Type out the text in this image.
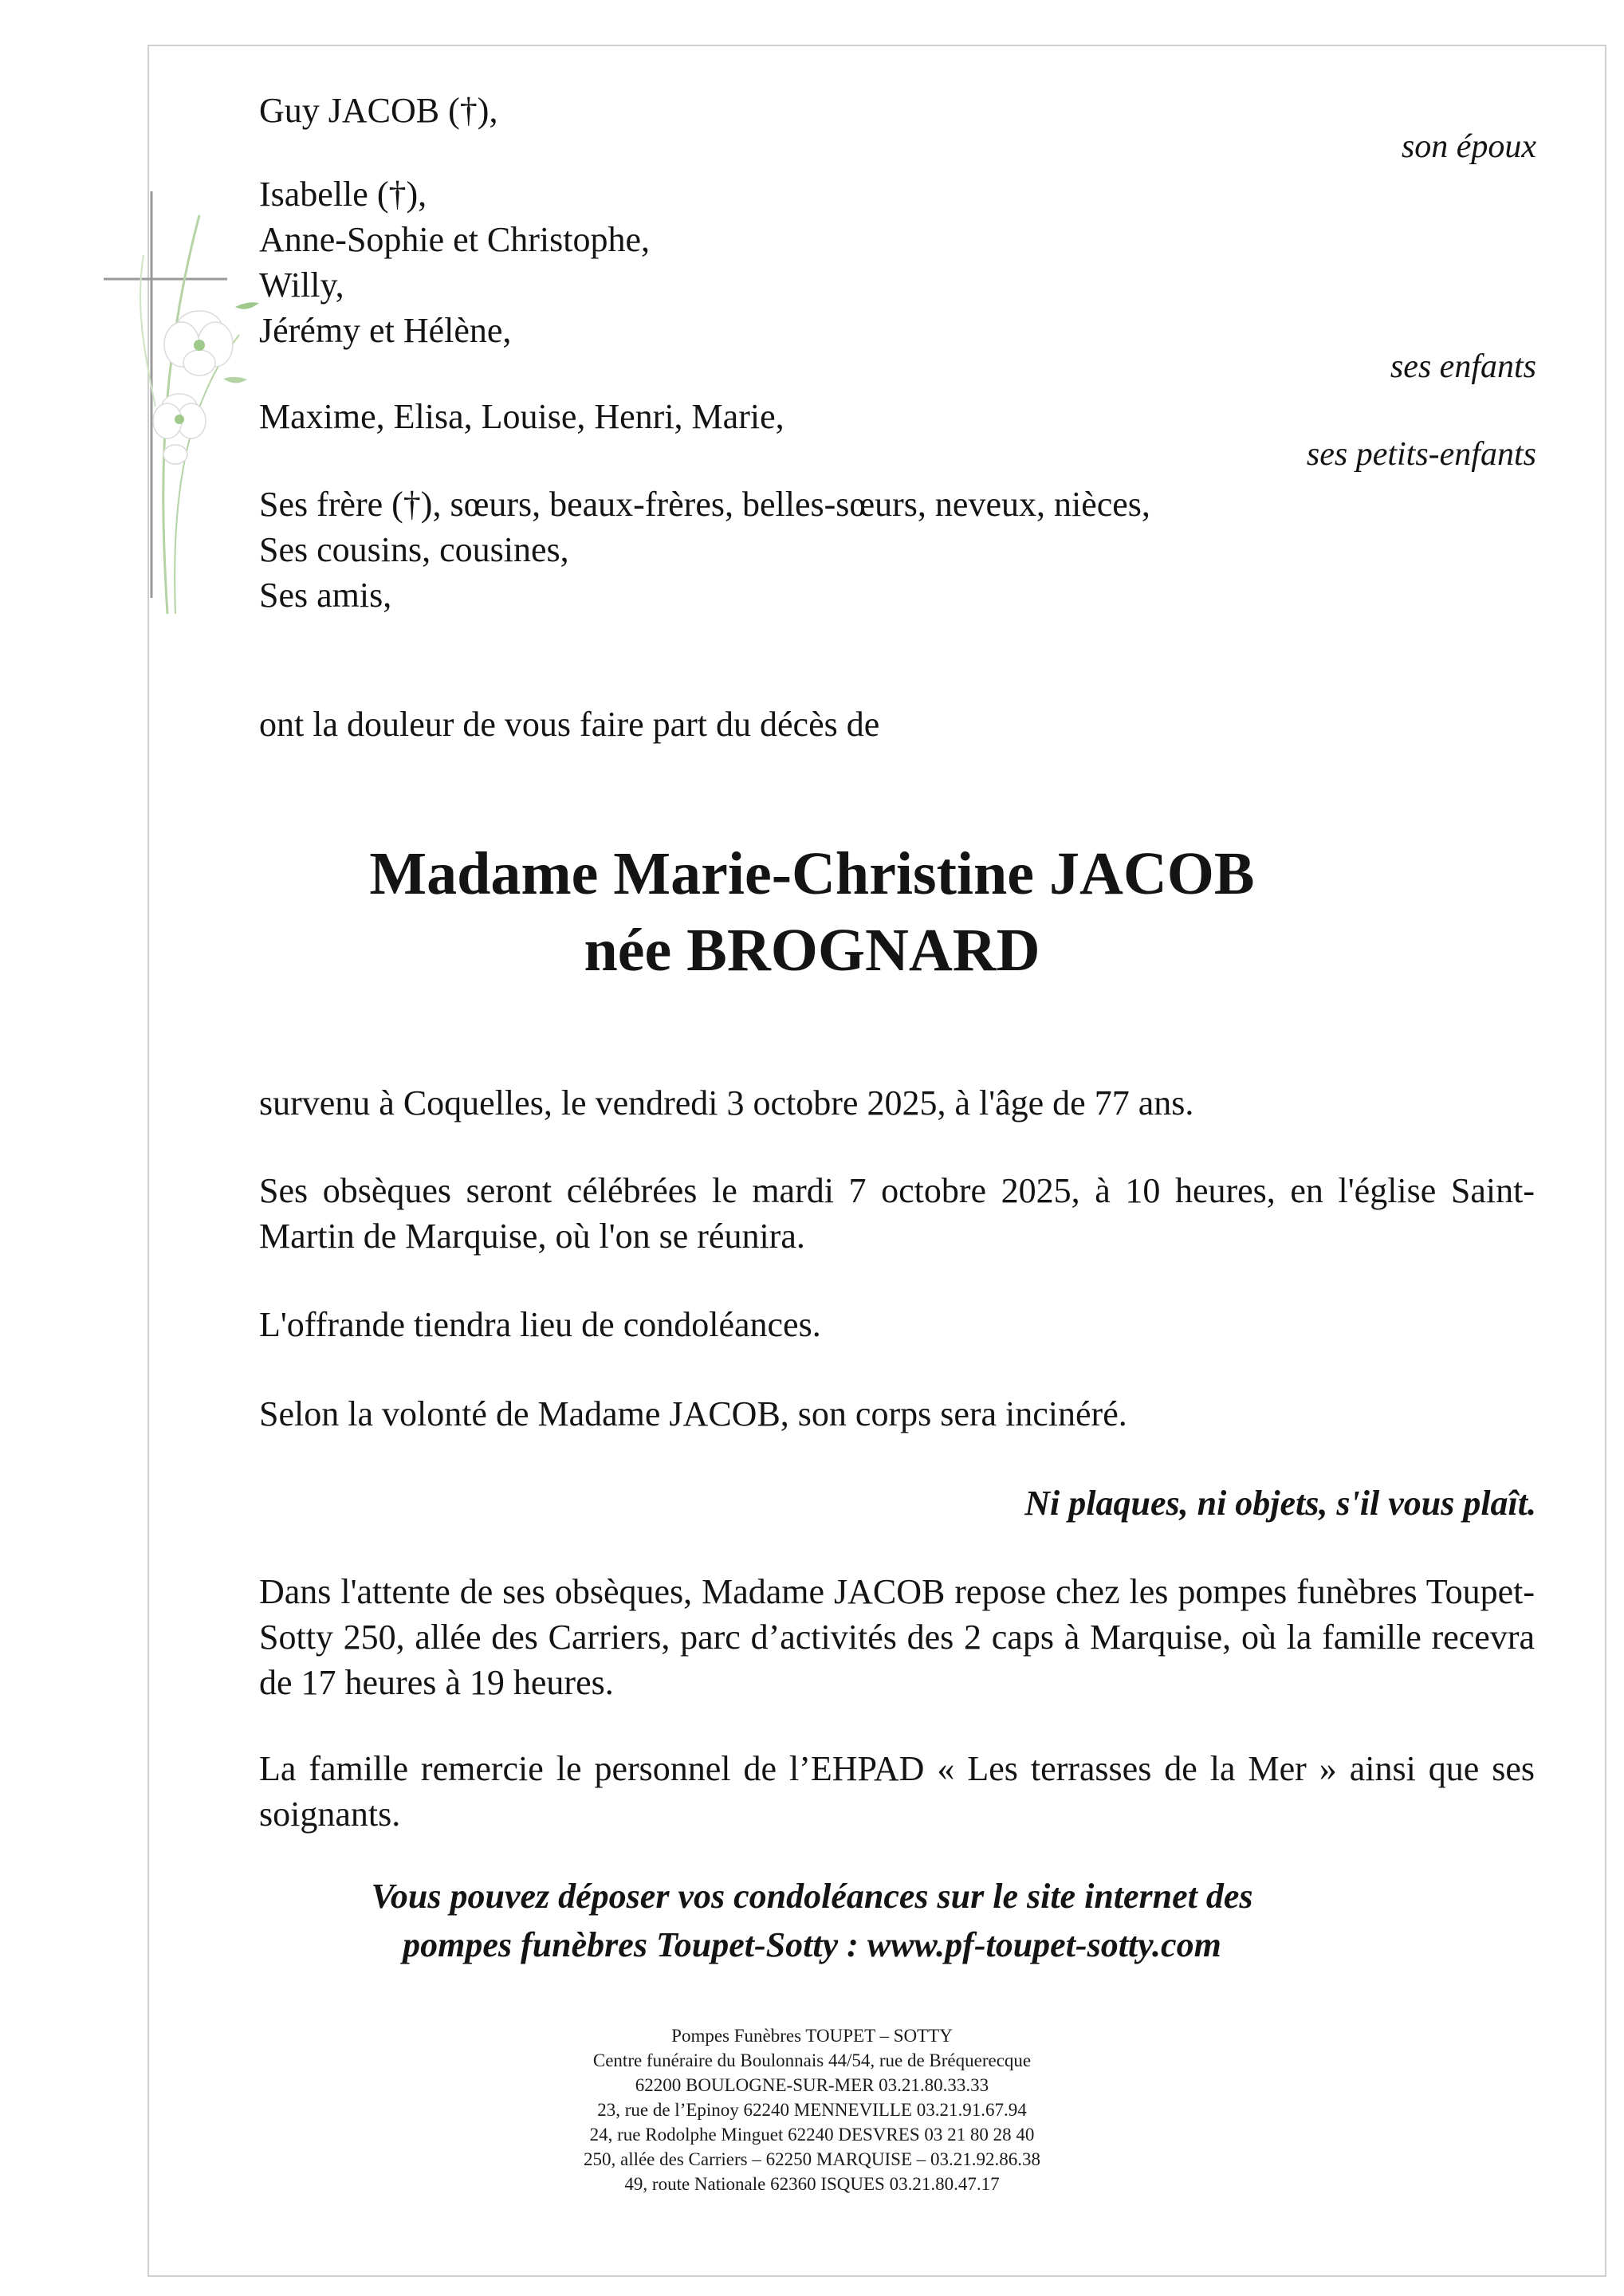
Guy JACOB (†),

son époux

Isabelle (†),

Anne-Sophie et Christophe,

Willy,

Jérémy et Hélène,

ses enfants

Maxime, Elisa, Louise, Henri, Marie,

ses petits-enfants

Ses frère (†), sœurs, beaux-frères, belles-sœurs, neveux, nièces,

Ses cousins, cousines,

Ses amis,

ont la douleur de vous faire part du décès de

Madame Marie-Christine JACOB
née BROGNARD

survenu à Coquelles, le vendredi 3 octobre 2025, à l'âge de 77 ans.

Ses obsèques seront célébrées le mardi 7 octobre 2025, à 10 heures, en l'église Saint-Martin de Marquise, où l'on se réunira.

L'offrande tiendra lieu de condoléances.

Selon la volonté de Madame JACOB, son corps sera incinéré.

Ni plaques, ni objets, s'il vous plaît.

Dans l'attente de ses obsèques, Madame JACOB repose chez les pompes funèbres Toupet-Sotty 250, allée des Carriers, parc d’activités des 2 caps à Marquise, où la famille recevra de 17 heures à 19 heures.

La famille remercie le personnel de l’EHPAD « Les terrasses de la Mer » ainsi que ses soignants.

Vous pouvez déposer vos condoléances sur le site internet des
pompes funèbres Toupet-Sotty : www.pf-toupet-sotty.com
Pompes Funèbres TOUPET – SOTTY
Centre funéraire du Boulonnais 44/54, rue de Bréquerecque
62200 BOULOGNE-SUR-MER 03.21.80.33.33
23, rue de l’Epinoy 62240 MENNEVILLE 03.21.91.67.94
24, rue Rodolphe Minguet 62240 DESVRES 03 21 80 28 40
250, allée des Carriers – 62250 MARQUISE – 03.21.92.86.38
49, route Nationale 62360 ISQUES 03.21.80.47.17
